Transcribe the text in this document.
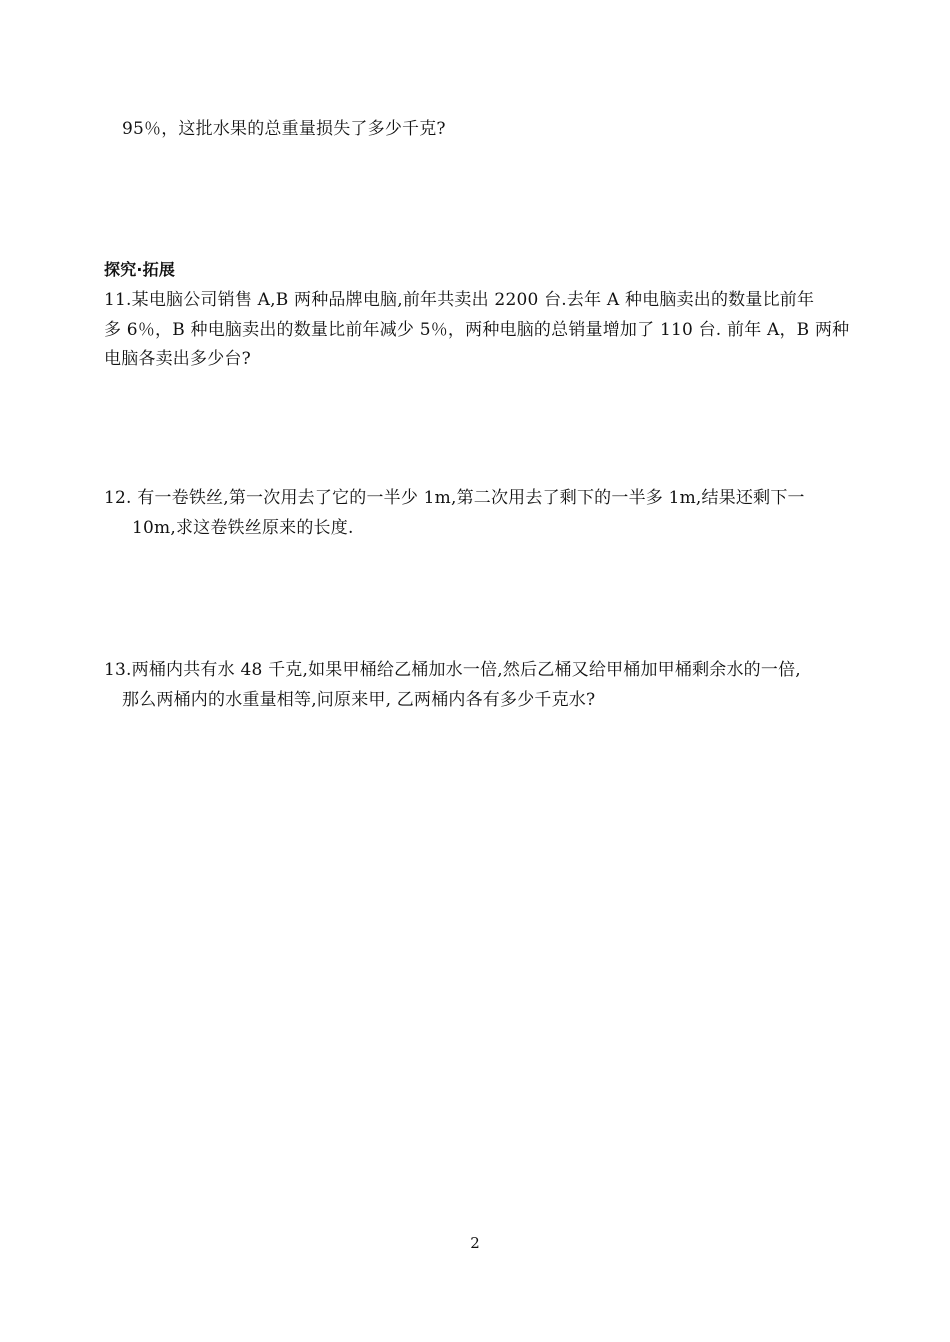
95％，这批水果的总重量损失了多少千克?
探究·拓展
11.某电脑公司销售 A,B 两种品牌电脑,前年共卖出 2200 台.去年 A 种电脑卖出的数量比前年
多 6％，B 种电脑卖出的数量比前年减少 5％，两种电脑的总销量增加了 110 台. 前年 A，B 两种
电脑各卖出多少台?
12. 有一卷铁丝,第一次用去了它的一半少 1m,第二次用去了剩下的一半多 1m,结果还剩下一
10m,求这卷铁丝原来的长度.
13.两桶内共有水 48 千克,如果甲桶给乙桶加水一倍,然后乙桶又给甲桶加甲桶剩余水的一倍,
那么两桶内的水重量相等,问原来甲, 乙两桶内各有多少千克水?
2
